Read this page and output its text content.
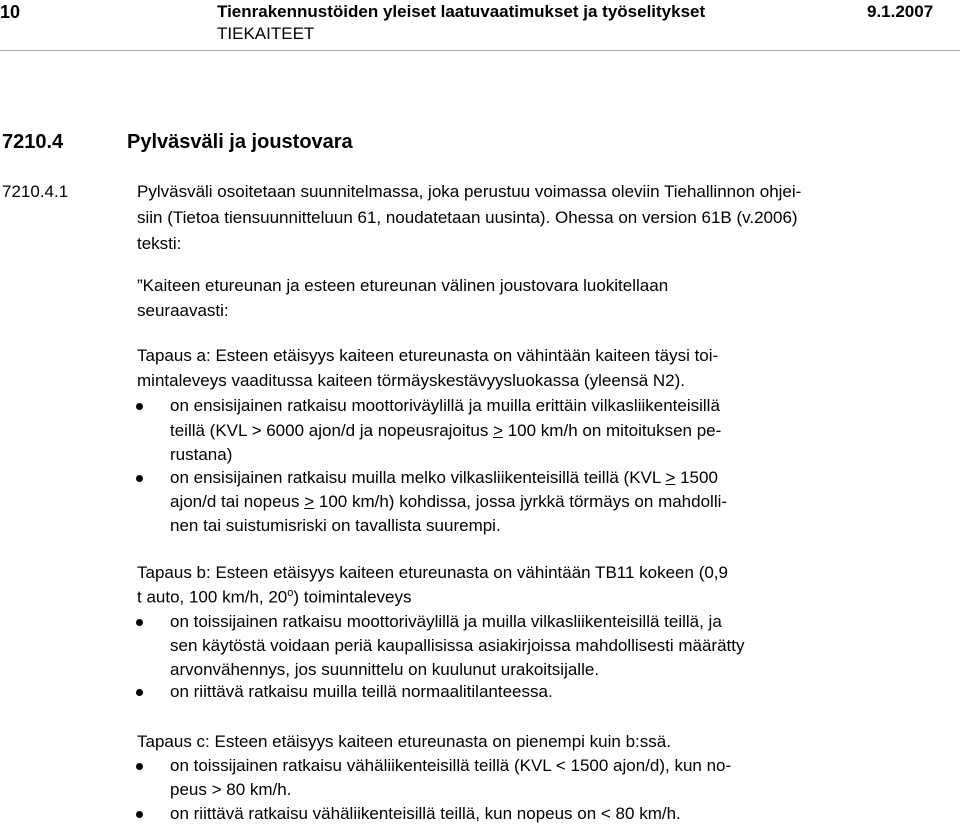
10	Tienrakennustöiden yleiset laatuvaatimukset ja työselitykset	9.1.2007
TIEKAITEET
7210.4	Pylväsväli ja joustovara
7210.4.1	Pylväsväli osoitetaan suunnitelmassa, joka perustuu voimassa oleviin Tiehallinnon ohjei-
siin (Tietoa tiensuunnitteluun 61, noudatetaan uusinta). Ohessa on version 61B (v.2006)
teksti:
”Kaiteen etureunan ja esteen etureunan välinen joustovara luokitellaan
seuraavasti:
Tapaus a: Esteen etäisyys kaiteen etureunasta on vähintään kaiteen täysi toi-
mintaleveys vaaditussa kaiteen törmäyskestävyysluokassa (yleensä N2).
on ensisijainen ratkaisu moottoriväylillä ja muilla erittäin vilkasliikenteisillä
teillä (KVL > 6000 ajon/d ja nopeusrajoitus > 100 km/h on mitoituksen pe-
rustana)
on ensisijainen ratkaisu muilla melko vilkasliikenteisillä teillä (KVL > 1500
ajon/d tai nopeus > 100 km/h) kohdissa, jossa jyrkkä törmäys on mahdolli-
nen tai suistumisriski on tavallista suurempi.
Tapaus b: Esteen etäisyys kaiteen etureunasta on vähintään TB11 kokeen (0,9
t auto, 100 km/h, 20$^o$) toimintaleveys
on toissijainen ratkaisu moottoriväylillä ja muilla vilkasliikenteisillä teillä, ja
sen käytöstä voidaan periä kaupallisissa asiakirjoissa mahdollisesti määrätty
arvonvähennys, jos suunnittelu on kuulunut urakoitsijalle.
on riittävä ratkaisu muilla teillä normaalitilanteessa.
Tapaus c: Esteen etäisyys kaiteen etureunasta on pienempi kuin b:ssä.
on toissijainen ratkaisu vähäliikenteisillä teillä (KVL < 1500 ajon/d), kun no-
peus > 80 km/h.
on riittävä ratkaisu vähäliikenteisillä teillä, kun nopeus on < 80 km/h.
